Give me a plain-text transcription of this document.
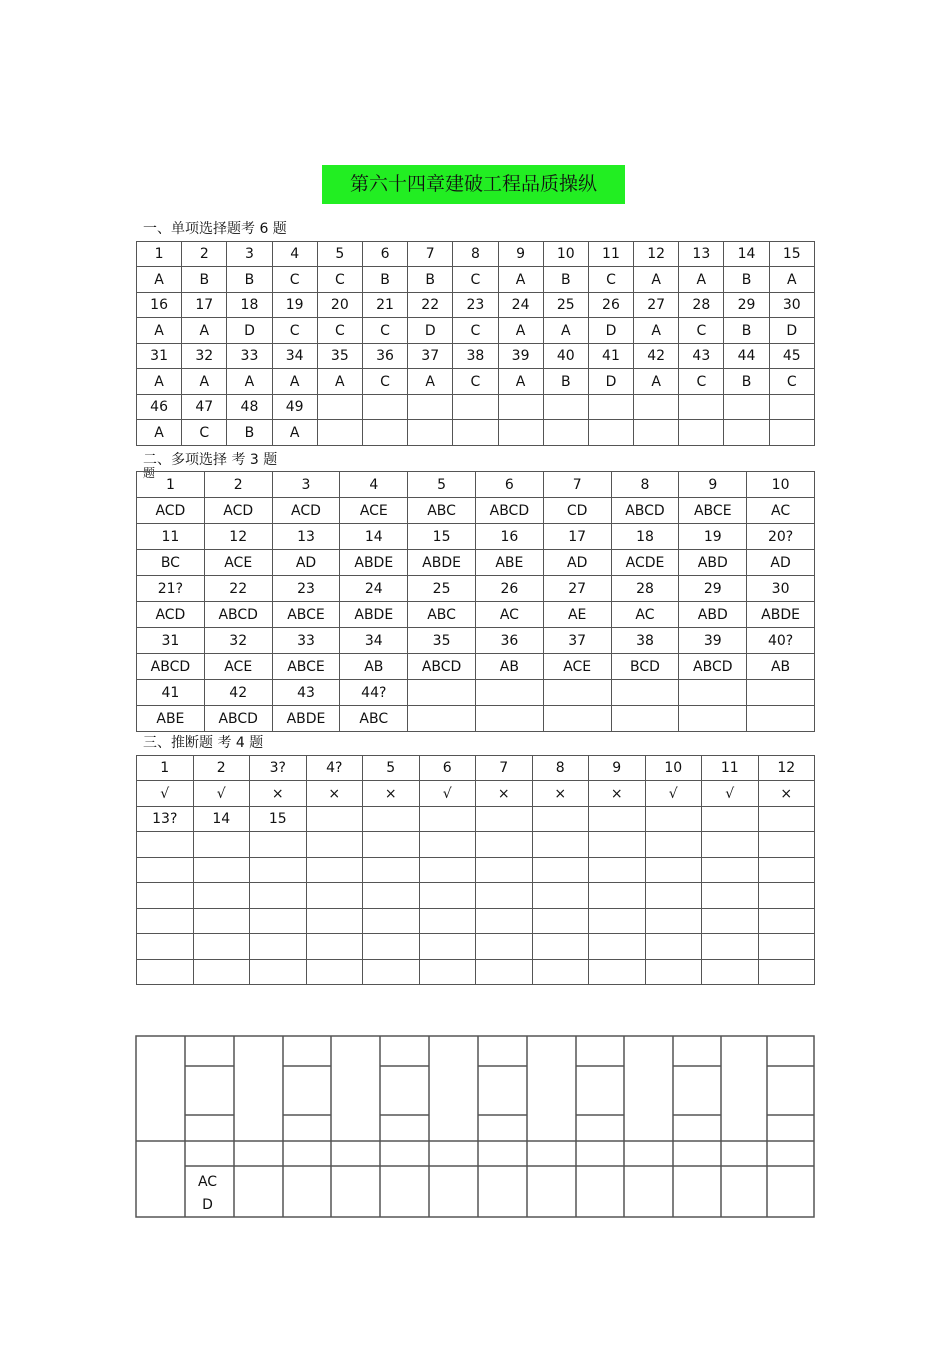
第六十四章建破工程品质操纵
一、单项选择题考 6 题
1	2	3	4	5	6	7	8	9	10	11	12	13	14	15
A	B	B	C	C	B	B	C	A	B	C	A	A	B	A
16	17	18	19	20	21	22	23	24	25	26	27	28	29	30
A	A	D	C	C	C	D	C	A	A	D	A	C	B	D
31	32	33	34	35	36	37	38	39	40	41	42	43	44	45
A	A	A	A	A	C	A	C	A	B	D	A	C	B	C
46	47	48	49											
A	C	B	A											
二、多项选择 考 3 题
题
1	2	3	4	5	6	7	8	9	10
ACD	ACD	ACD	ACE	ABC	ABCD	CD	ABCD	ABCE	AC
11	12	13	14	15	16	17	18	19	20?
BC	ACE	AD	ABDE	ABDE	ABE	AD	ACDE	ABD	AD
21?	22	23	24	25	26	27	28	29	30
ACD	ABCD	ABCE	ABDE	ABC	AC	AE	AC	ABD	ABDE
31	32	33	34	35	36	37	38	39	40?
ABCD	ACE	ABCE	AB	ABCD	AB	ACE	BCD	ABCD	AB
41	42	43	44?						
ABE	ABCD	ABDE	ABC						
三、推断题 考 4 题
1	2	3?	4?	5	6	7	8	9	10	11	12
√	√	×	×	×	√	×	×	×	√	√	×
13?	14	15									

AC
D
